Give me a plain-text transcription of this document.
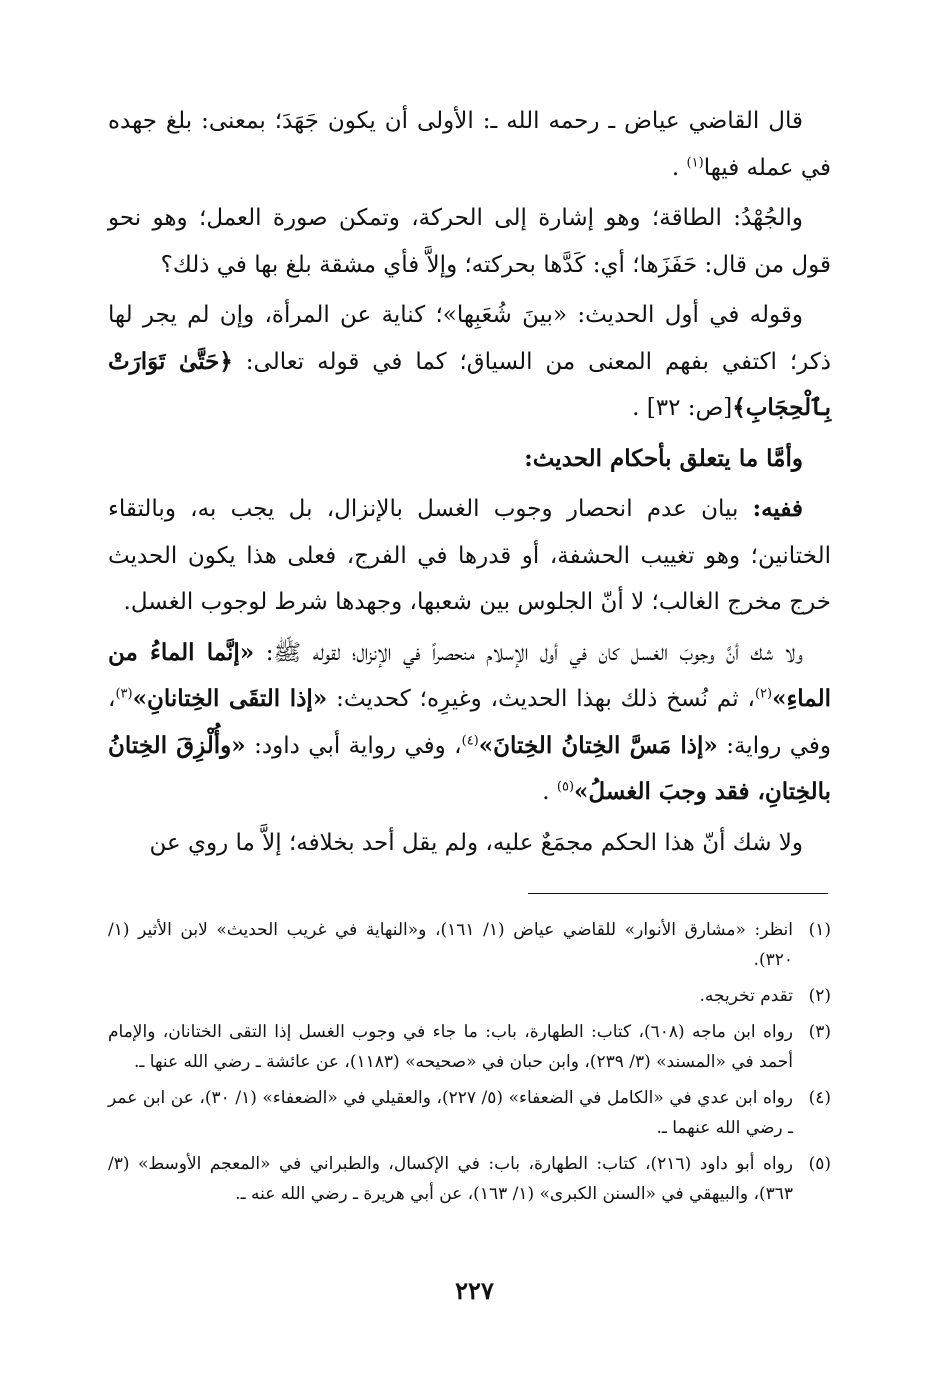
قال القاضي عياض ـ رحمه الله ـ: الأولى أن يكون جَهَدَ؛ بمعنى: بلغ جهده في عمله فيها$^{(١)}$ .

والجُهْدُ: الطاقة؛ وهو إشارة إلى الحركة، وتمكن صورة العمل؛ وهو نحو قول من قال: حَفَزَها؛ أي: كَدَّها بحركته؛ وإلاَّ فأي مشقة بلغ بها في ذلك؟

وقوله في أول الحديث: «بينَ شُعَبِها»؛ كناية عن المرأة، وإن لم يجر لها ذكر؛ اكتفي بفهم المعنى من السياق؛ كما في قوله تعالى: ﴿حَتَّىٰ تَوَارَتْ بِٱلْحِجَابِ﴾[ص: ٣٢] .

وأمَّا ما يتعلق بأحكام الحديث:

ففيه: بيان عدم انحصار وجوب الغسل بالإنزال، بل يجب به، وبالتقاء الختانين؛ وهو تغييب الحشفة، أو قدرها في الفرج، فعلى هذا يكون الحديث خرج مخرج الغالب؛ لا أنّ الجلوس بين شعبها، وجهدها شرط لوجوب الغسل.

ولا شك أنَّ وجوبَ الغسل كان في أول الإسلام منحصراً في الإنزال؛ لقوله ﷺ: «إنَّما الماءُ من الماءِ»$^{(٢)}$، ثم نُسخ ذلك بهذا الحديث، وغيرِه؛ كحديث: «إذا التقَى الخِتانانِ»$^{(٣)}$، وفي رواية: «إذا مَسَّ الخِتانُ الخِتانَ»$^{(٤)}$، وفي رواية أبي داود: «وأُلْزِقَ الخِتانُ بالخِتانِ، فقد وجبَ الغسلُ»$^{(٥)}$ .

ولا شك أنّ هذا الحكم مجمَعٌ عليه، ولم يقل أحد بخلافه؛ إلاَّ ما روي عن

(١)
انظر: «مشارق الأنوار» للقاضي عياض (١/ ١٦١)، و«النهاية في غريب الحديث» لابن الأثير (١/ ٣٢٠).
(٢)
تقدم تخريجه.
(٣)
رواه ابن ماجه (٦٠٨)، كتاب: الطهارة، باب: ما جاء في وجوب الغسل إذا التقى الختانان، والإمام أحمد في «المسند» (٣/ ٢٣٩)، وابن حبان في «صحيحه» (١١٨٣)، عن عائشة ـ رضي الله عنها ـ.
(٤)
رواه ابن عدي في «الكامل في الضعفاء» (٥/ ٢٢٧)، والعقيلي في «الضعفاء» (١/ ٣٠)، عن ابن عمر ـ رضي الله عنهما ـ.
(٥)
رواه أبو داود (٢١٦)، كتاب: الطهارة، باب: في الإكسال، والطبراني في «المعجم الأوسط» (٣/ ٣٦٣)، والبيهقي في «السنن الكبرى» (١/ ١٦٣)، عن أبي هريرة ـ رضي الله عنه ـ.
٢٢٧
